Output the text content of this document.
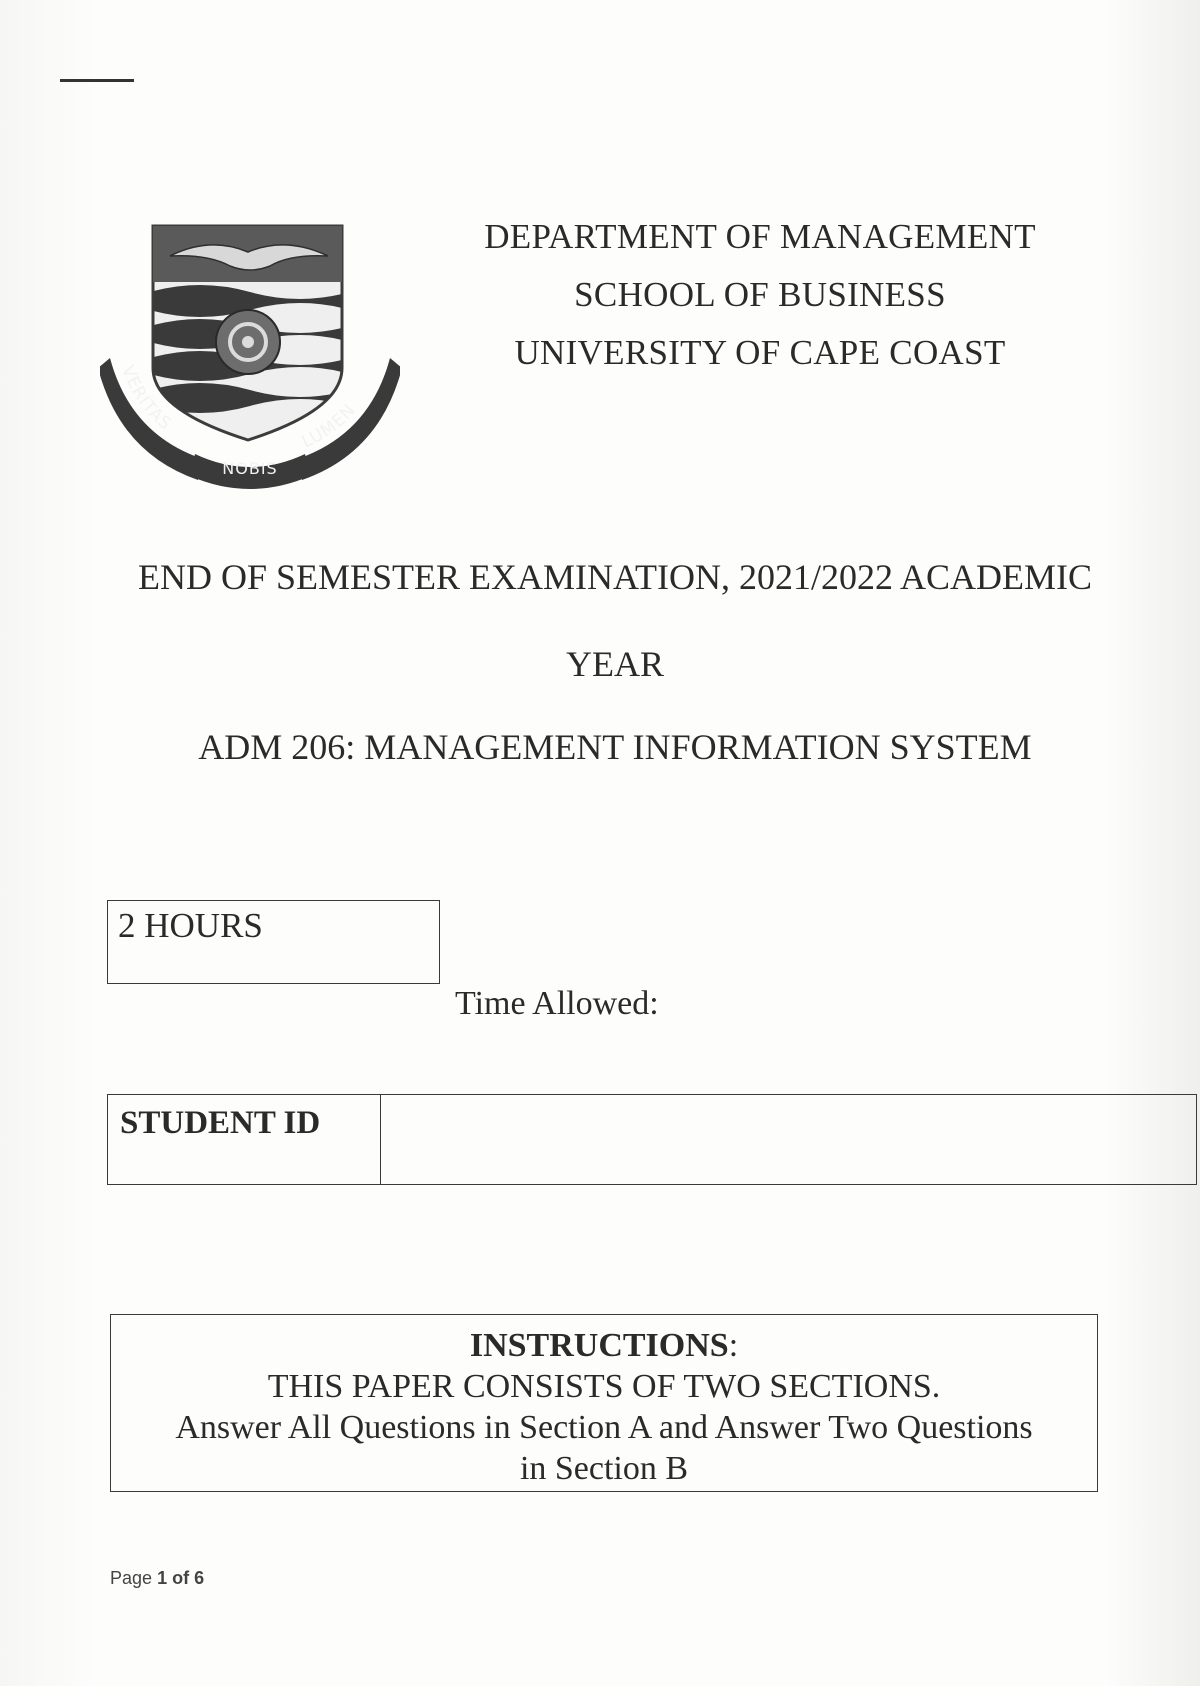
VERITAS
NOBIS
LUMEN
DEPARTMENT OF MANAGEMENT
SCHOOL OF BUSINESS
UNIVERSITY OF CAPE COAST
END OF SEMESTER EXAMINATION, 2021/2022 ACADEMIC
YEAR
ADM 206: MANAGEMENT INFORMATION SYSTEM
2 HOURS
Time Allowed:
STUDENT ID
INSTRUCTIONS:
THIS PAPER CONSISTS OF TWO SECTIONS.
Answer All Questions in Section A and Answer Two Questions
in Section B
Page 1 of 6
